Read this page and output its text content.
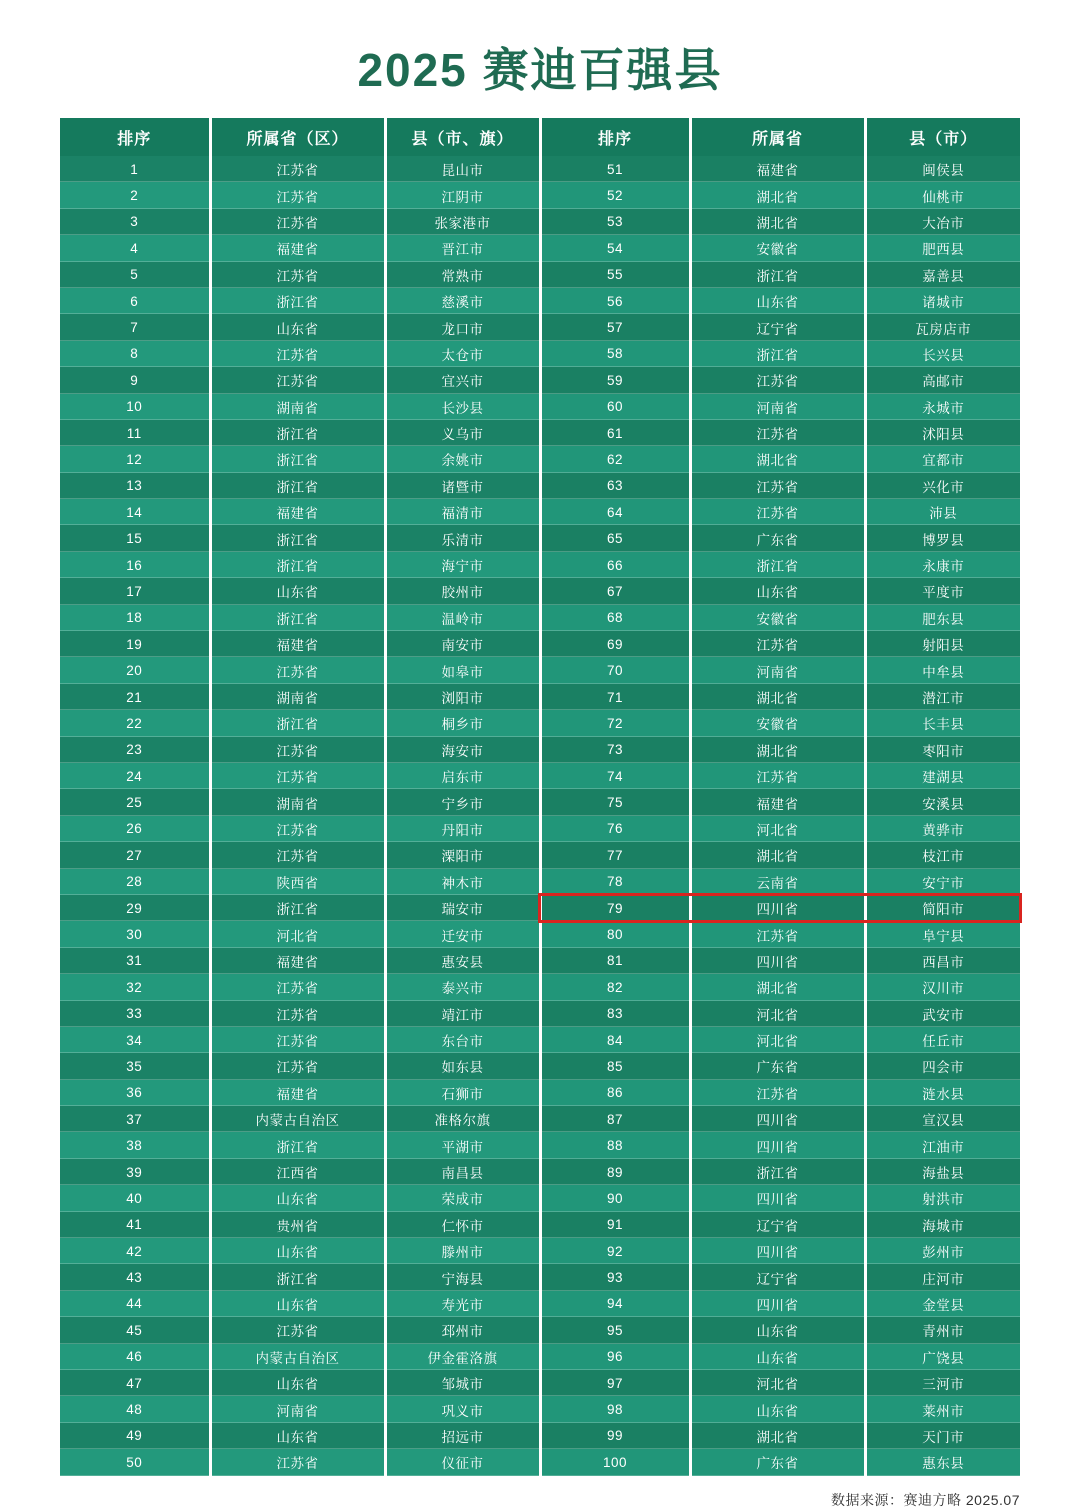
2025 赛迪百强县
排序	所属省（区）	县（市、旗）	排序	所属省	县（市）
1	江苏省	昆山市	51	福建省	闽侯县
2	江苏省	江阴市	52	湖北省	仙桃市
3	江苏省	张家港市	53	湖北省	大冶市
4	福建省	晋江市	54	安徽省	肥西县
5	江苏省	常熟市	55	浙江省	嘉善县
6	浙江省	慈溪市	56	山东省	诸城市
7	山东省	龙口市	57	辽宁省	瓦房店市
8	江苏省	太仓市	58	浙江省	长兴县
9	江苏省	宜兴市	59	江苏省	高邮市
10	湖南省	长沙县	60	河南省	永城市
11	浙江省	义乌市	61	江苏省	沭阳县
12	浙江省	余姚市	62	湖北省	宜都市
13	浙江省	诸暨市	63	江苏省	兴化市
14	福建省	福清市	64	江苏省	沛县
15	浙江省	乐清市	65	广东省	博罗县
16	浙江省	海宁市	66	浙江省	永康市
17	山东省	胶州市	67	山东省	平度市
18	浙江省	温岭市	68	安徽省	肥东县
19	福建省	南安市	69	江苏省	射阳县
20	江苏省	如皋市	70	河南省	中牟县
21	湖南省	浏阳市	71	湖北省	潜江市
22	浙江省	桐乡市	72	安徽省	长丰县
23	江苏省	海安市	73	湖北省	枣阳市
24	江苏省	启东市	74	江苏省	建湖县
25	湖南省	宁乡市	75	福建省	安溪县
26	江苏省	丹阳市	76	河北省	黄骅市
27	江苏省	溧阳市	77	湖北省	枝江市
28	陕西省	神木市	78	云南省	安宁市
29	浙江省	瑞安市	79	四川省	简阳市
30	河北省	迁安市	80	江苏省	阜宁县
31	福建省	惠安县	81	四川省	西昌市
32	江苏省	泰兴市	82	湖北省	汉川市
33	江苏省	靖江市	83	河北省	武安市
34	江苏省	东台市	84	河北省	任丘市
35	江苏省	如东县	85	广东省	四会市
36	福建省	石狮市	86	江苏省	涟水县
37	内蒙古自治区	准格尔旗	87	四川省	宣汉县
38	浙江省	平湖市	88	四川省	江油市
39	江西省	南昌县	89	浙江省	海盐县
40	山东省	荣成市	90	四川省	射洪市
41	贵州省	仁怀市	91	辽宁省	海城市
42	山东省	滕州市	92	四川省	彭州市
43	浙江省	宁海县	93	辽宁省	庄河市
44	山东省	寿光市	94	四川省	金堂县
45	江苏省	邳州市	95	山东省	青州市
46	内蒙古自治区	伊金霍洛旗	96	山东省	广饶县
47	山东省	邹城市	97	河北省	三河市
48	河南省	巩义市	98	山东省	莱州市
49	山东省	招远市	99	湖北省	天门市
50	江苏省	仪征市	100	广东省	惠东县
数据来源：赛迪方略 2025.07
